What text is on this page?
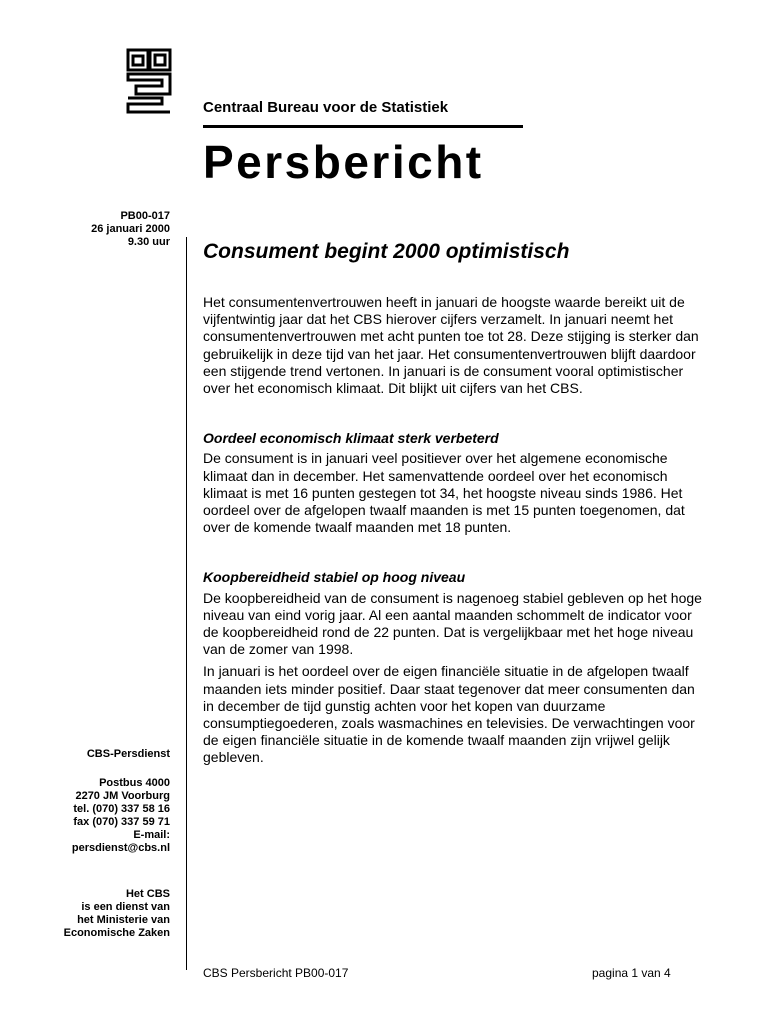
Centraal Bureau voor de Statistiek
Persbericht
PB00-017
26 januari 2000
9.30 uur Consument begint 2000 optimistisch

Het consumentenvertrouwen heeft in januari de hoogste waarde bereikt uit de vijfentwintig jaar dat het CBS hierover cijfers verzamelt. In januari neemt het consumentenvertrouwen met acht punten toe tot 28. Deze stijging is sterker dan gebruikelijk in deze tijd van het jaar. Het consumentenvertrouwen blijft daardoor een stijgende trend vertonen. In januari is de consument vooral optimistischer over het economisch klimaat. Dit blijkt uit cijfers van het CBS.

Oordeel economisch klimaat sterk verbeterd

De consument is in januari veel positiever over het algemene economische klimaat dan in december. Het samenvattende oordeel over het economisch klimaat is met 16 punten gestegen tot 34, het hoogste niveau sinds 1986. Het oordeel over de afgelopen twaalf maanden is met 15 punten toegenomen, dat over de komende twaalf maanden met 18 punten.

Koopbereidheid stabiel op hoog niveau

De koopbereidheid van de consument is nagenoeg stabiel gebleven op het hoge niveau van eind vorig jaar. Al een aantal maanden schommelt de indicator voor de koopbereidheid rond de 22 punten. Dat is vergelijkbaar met het hoge niveau van de zomer van 1998.

In januari is het oordeel over de eigen financiële situatie in de afgelopen twaalf maanden iets minder positief. Daar staat tegenover dat meer consumenten dan in december de tijd gunstig achten voor het kopen van duurzame consumptiegoederen, zoals wasmachines en televisies. De verwachtingen voor de eigen financiële situatie in de komende twaalf maanden zijn vrijwel gelijk gebleven.

CBS-Persdienst
Postbus 4000
2270 JM Voorburg
tel. (070) 337 58 16
fax (070) 337 59 71
E-mail:
persdienst@cbs.nl
Het CBS
is een dienst van
het Ministerie van
Economische Zaken
CBS Persbericht PB00-017	pagina 1 van 4
